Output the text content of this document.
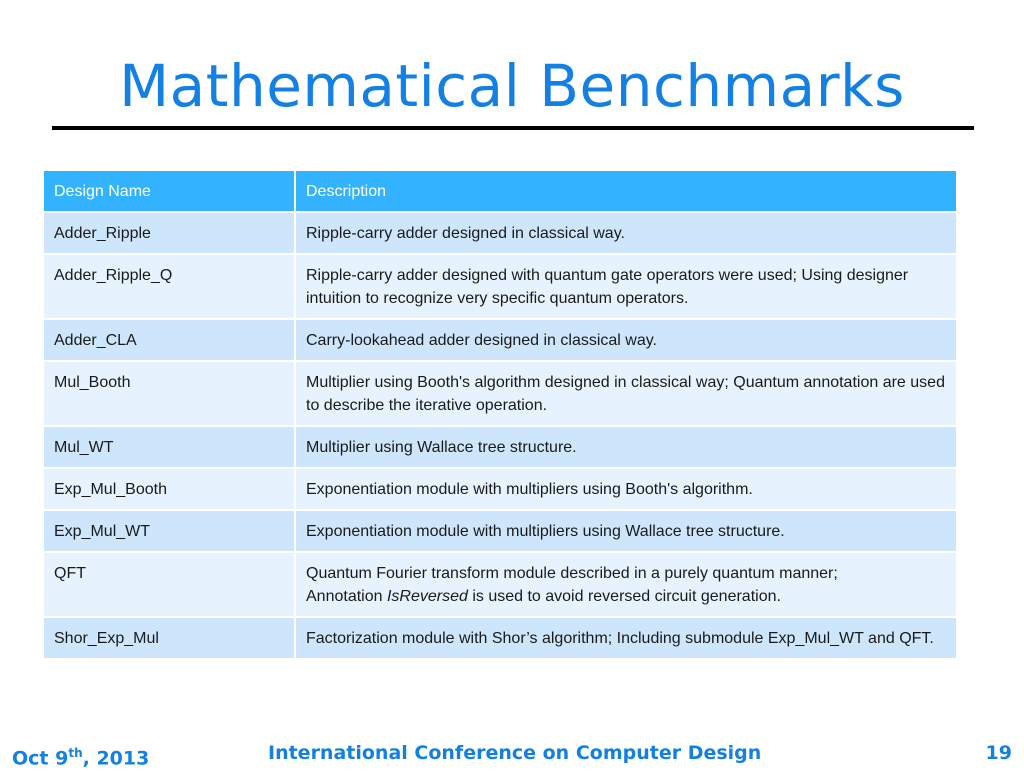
Mathematical Benchmarks
Design Name	Description
Adder_Ripple	Ripple-carry adder designed in classical way.
Adder_Ripple_Q	Ripple-carry adder designed with quantum gate operators were used; Using designer intuition to recognize very specific quantum operators.
Adder_CLA	Carry-lookahead adder designed in classical way.
Mul_Booth	Multiplier using Booth's algorithm designed in classical way; Quantum annotation are used to describe the iterative operation.
Mul_WT	Multiplier using Wallace tree structure.
Exp_Mul_Booth	Exponentiation module with multipliers using Booth's algorithm.
Exp_Mul_WT	Exponentiation module with multipliers using Wallace tree structure.
QFT	Quantum Fourier transform module described in a purely quantum manner;
Annotation IsReversed is used to avoid reversed circuit generation.
Shor_Exp_Mul	Factorization module with Shor’s algorithm; Including submodule Exp_Mul_WT and QFT.
Oct 9th, 2013	International Conference on Computer Design	19
